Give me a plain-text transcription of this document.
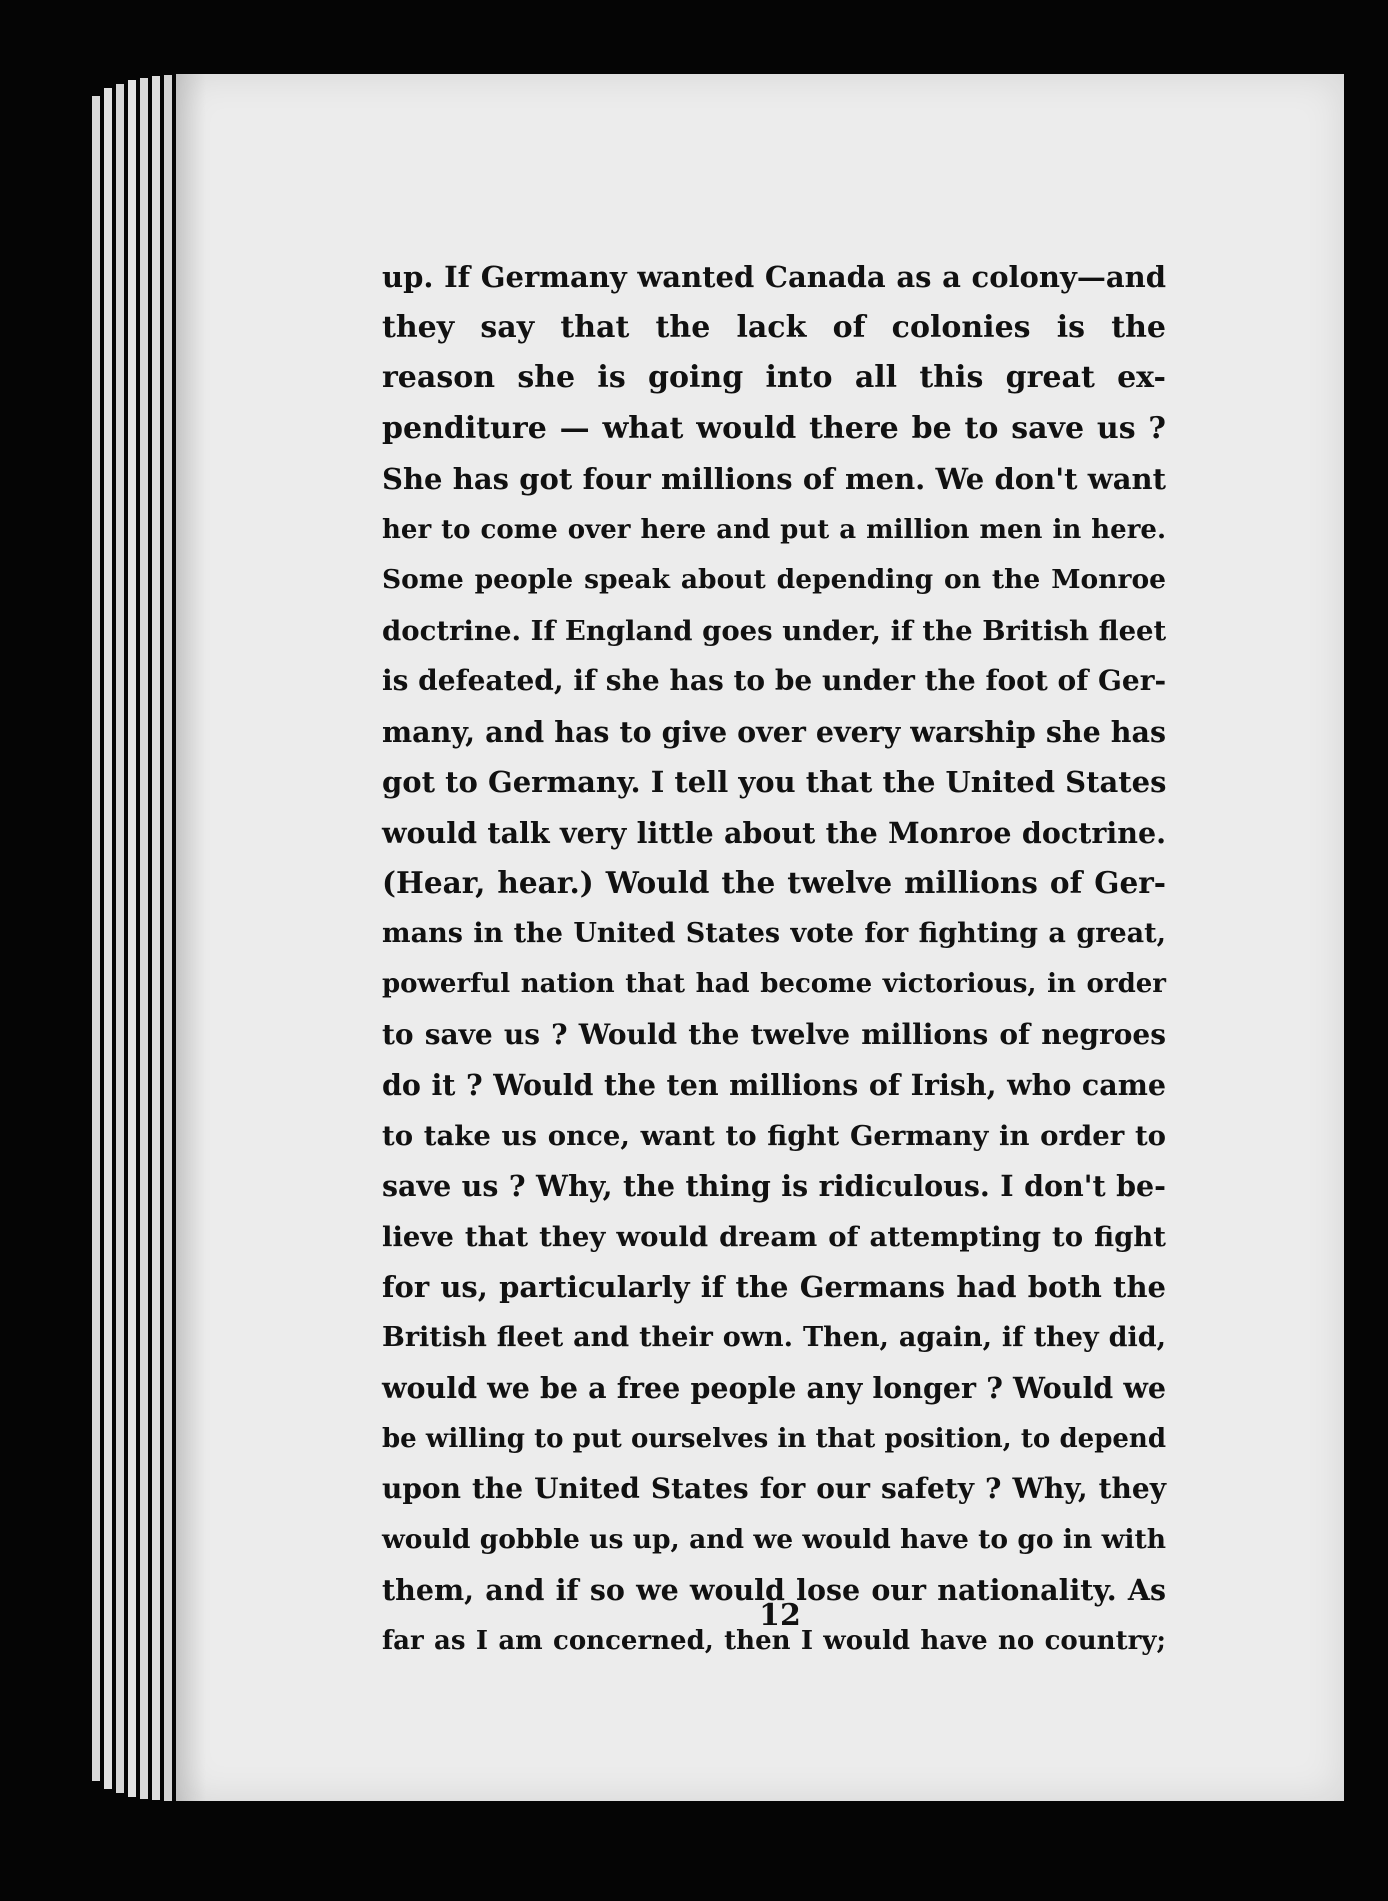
up. If Germany wanted Canada as a colony—and
they say that the lack of colonies is the
reason she is going into all this great ex-
penditure — what would there be to save us ?
She has got four millions of men. We don't want
her to come over here and put a million men in here.
Some people speak about depending on the Monroe
doctrine. If England goes under, if the British fleet
is defeated, if she has to be under the foot of Ger-
many, and has to give over every warship she has
got to Germany. I tell you that the United States
would talk very little about the Monroe doctrine.
(Hear, hear.) Would the twelve millions of Ger-
mans in the United States vote for fighting a great,
powerful nation that had become victorious, in order
to save us ? Would the twelve millions of negroes
do it ? Would the ten millions of Irish, who came
to take us once, want to fight Germany in order to
save us ? Why, the thing is ridiculous. I don't be-
lieve that they would dream of attempting to fight
for us, particularly if the Germans had both the
British fleet and their own. Then, again, if they did,
would we be a free people any longer ? Would we
be willing to put ourselves in that position, to depend
upon the United States for our safety ? Why, they
would gobble us up, and we would have to go in with
them, and if so we would lose our nationality. As
far as I am concerned, then I would have no country;
12
